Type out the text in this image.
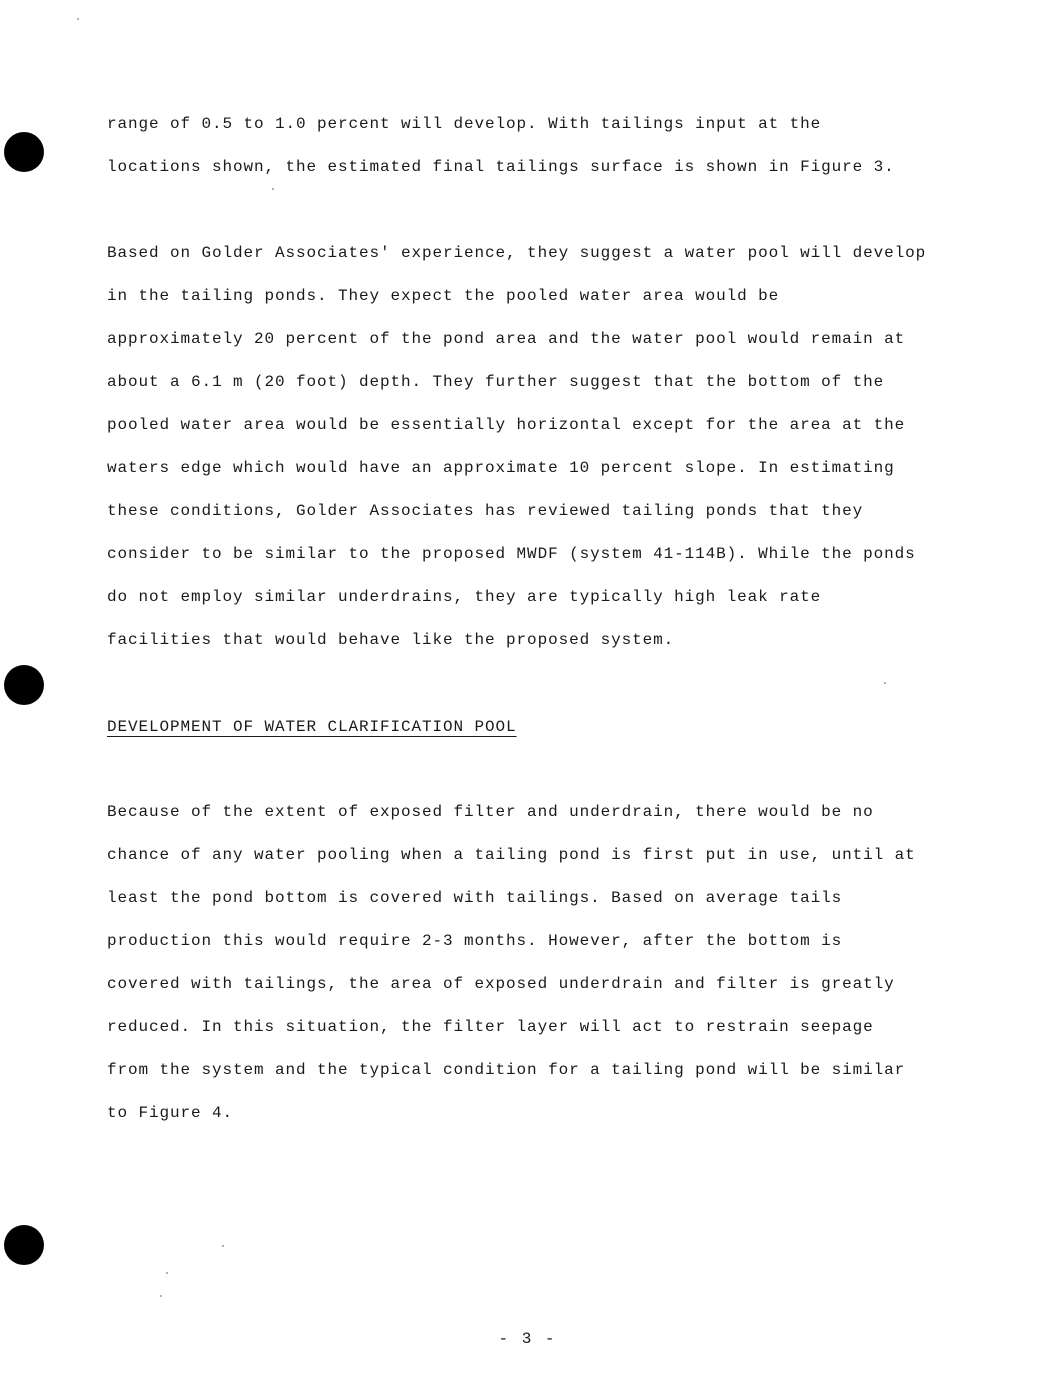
range of 0.5 to 1.0 percent will develop. With tailings input at the
locations shown, the estimated final tailings surface is shown in Figure 3.
Based on Golder Associates' experience, they suggest a water pool will develop
in the tailing ponds. They expect the pooled water area would be
approximately 20 percent of the pond area and the water pool would remain at
about a 6.1 m (20 foot) depth. They further suggest that the bottom of the
pooled water area would be essentially horizontal except for the area at the
waters edge which would have an approximate 10 percent slope. In estimating
these conditions, Golder Associates has reviewed tailing ponds that they
consider to be similar to the proposed MWDF (system 41-114B). While the ponds
do not employ similar underdrains, they are typically high leak rate
facilities that would behave like the proposed system.
DEVELOPMENT OF WATER CLARIFICATION POOL
Because of the extent of exposed filter and underdrain, there would be no
chance of any water pooling when a tailing pond is first put in use, until at
least the pond bottom is covered with tailings. Based on average tails
production this would require 2-3 months. However, after the bottom is
covered with tailings, the area of exposed underdrain and filter is greatly
reduced. In this situation, the filter layer will act to restrain seepage
from the system and the typical condition for a tailing pond will be similar
to Figure 4.
- 3 -
